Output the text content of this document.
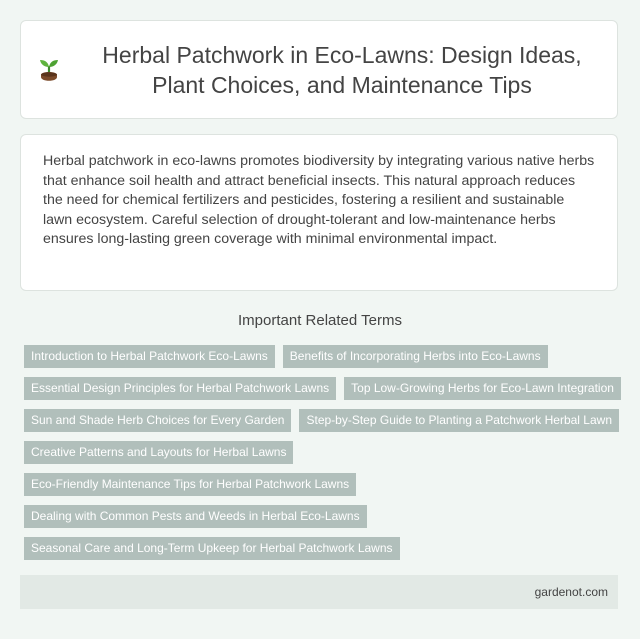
Herbal Patchwork in Eco-Lawns: Design Ideas, Plant Choices, and Maintenance Tips

Herbal patchwork in eco-lawns promotes biodiversity by integrating various native herbs that enhance soil health and attract beneficial insects. This natural approach reduces the need for chemical fertilizers and pesticides, fostering a resilient and sustainable lawn ecosystem. Careful selection of drought-tolerant and low-maintenance herbs ensures long-lasting green coverage with minimal environmental impact.

Important Related Terms
Introduction to Herbal Patchwork Eco-Lawns	Benefits of Incorporating Herbs into Eco-Lawns
Essential Design Principles for Herbal Patchwork Lawns	Top Low-Growing Herbs for Eco-Lawn Integration
Sun and Shade Herb Choices for Every Garden	Step-by-Step Guide to Planting a Patchwork Herbal Lawn
Creative Patterns and Layouts for Herbal Lawns
Eco-Friendly Maintenance Tips for Herbal Patchwork Lawns
Dealing with Common Pests and Weeds in Herbal Eco-Lawns
Seasonal Care and Long-Term Upkeep for Herbal Patchwork Lawns
gardenot.com
